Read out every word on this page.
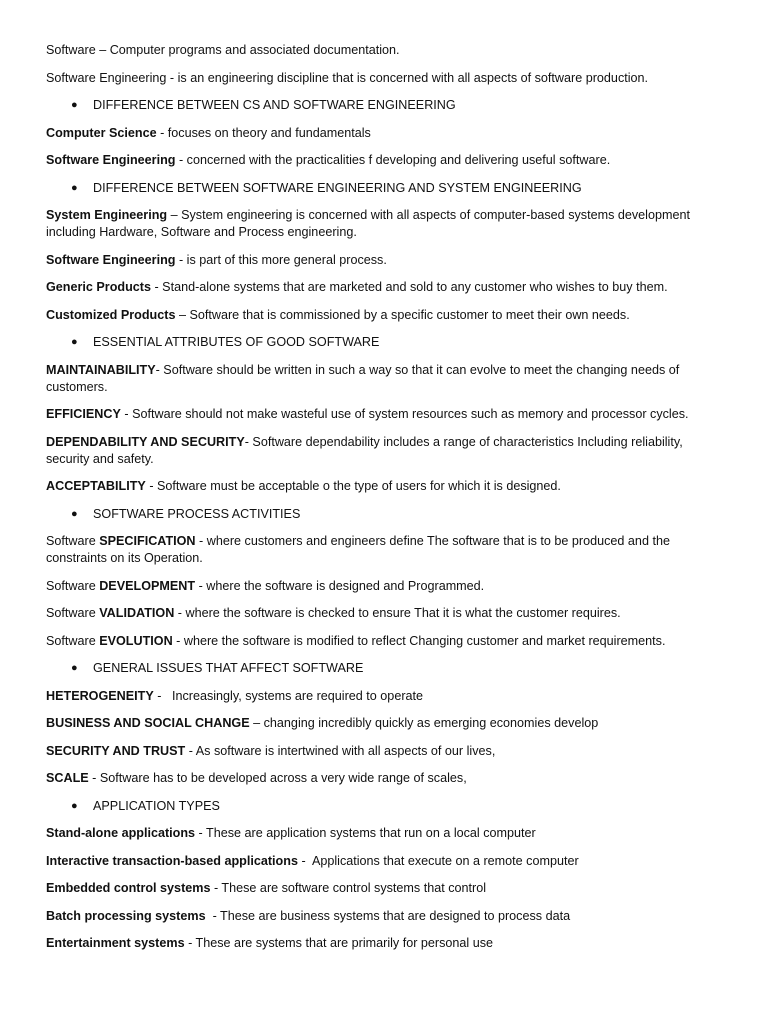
Software – Computer programs and associated documentation.
Software Engineering - is an engineering discipline that is concerned with all aspects of software production.
● DIFFERENCE BETWEEN CS AND SOFTWARE ENGINEERING
Computer Science - focuses on theory and fundamentals
Software Engineering - concerned with the practicalities f developing and delivering useful software.
● DIFFERENCE BETWEEN SOFTWARE ENGINEERING AND SYSTEM ENGINEERING
System Engineering – System engineering is concerned with all aspects of computer-based systems development including Hardware, Software and Process engineering.
Software Engineering - is part of this more general process.
Generic Products - Stand-alone systems that are marketed and sold to any customer who wishes to buy them.
Customized Products – Software that is commissioned by a specific customer to meet their own needs.
● ESSENTIAL ATTRIBUTES OF GOOD SOFTWARE
MAINTAINABILITY- Software should be written in such a way so that it can evolve to meet the changing needs of customers.
EFFICIENCY - Software should not make wasteful use of system resources such as memory and processor cycles.
DEPENDABILITY AND SECURITY- Software dependability includes a range of characteristics Including reliability, security and safety.
ACCEPTABILITY - Software must be acceptable o the type of users for which it is designed.
● SOFTWARE PROCESS ACTIVITIES
Software SPECIFICATION - where customers and engineers define The software that is to be produced and the constraints on its Operation.
Software DEVELOPMENT - where the software is designed and Programmed.
Software VALIDATION - where the software is checked to ensure That it is what the customer requires.
Software EVOLUTION - where the software is modified to reflect Changing customer and market requirements.
● GENERAL ISSUES THAT AFFECT SOFTWARE
HETEROGENEITY -   Increasingly, systems are required to operate
BUSINESS AND SOCIAL CHANGE – changing incredibly quickly as emerging economies develop
SECURITY AND TRUST - As software is intertwined with all aspects of our lives,
SCALE - Software has to be developed across a very wide range of scales,
● APPLICATION TYPES
Stand-alone applications - These are application systems that run on a local computer
Interactive transaction-based applications -  Applications that execute on a remote computer
Embedded control systems - These are software control systems that control
Batch processing systems  - These are business systems that are designed to process data
Entertainment systems - These are systems that are primarily for personal use
